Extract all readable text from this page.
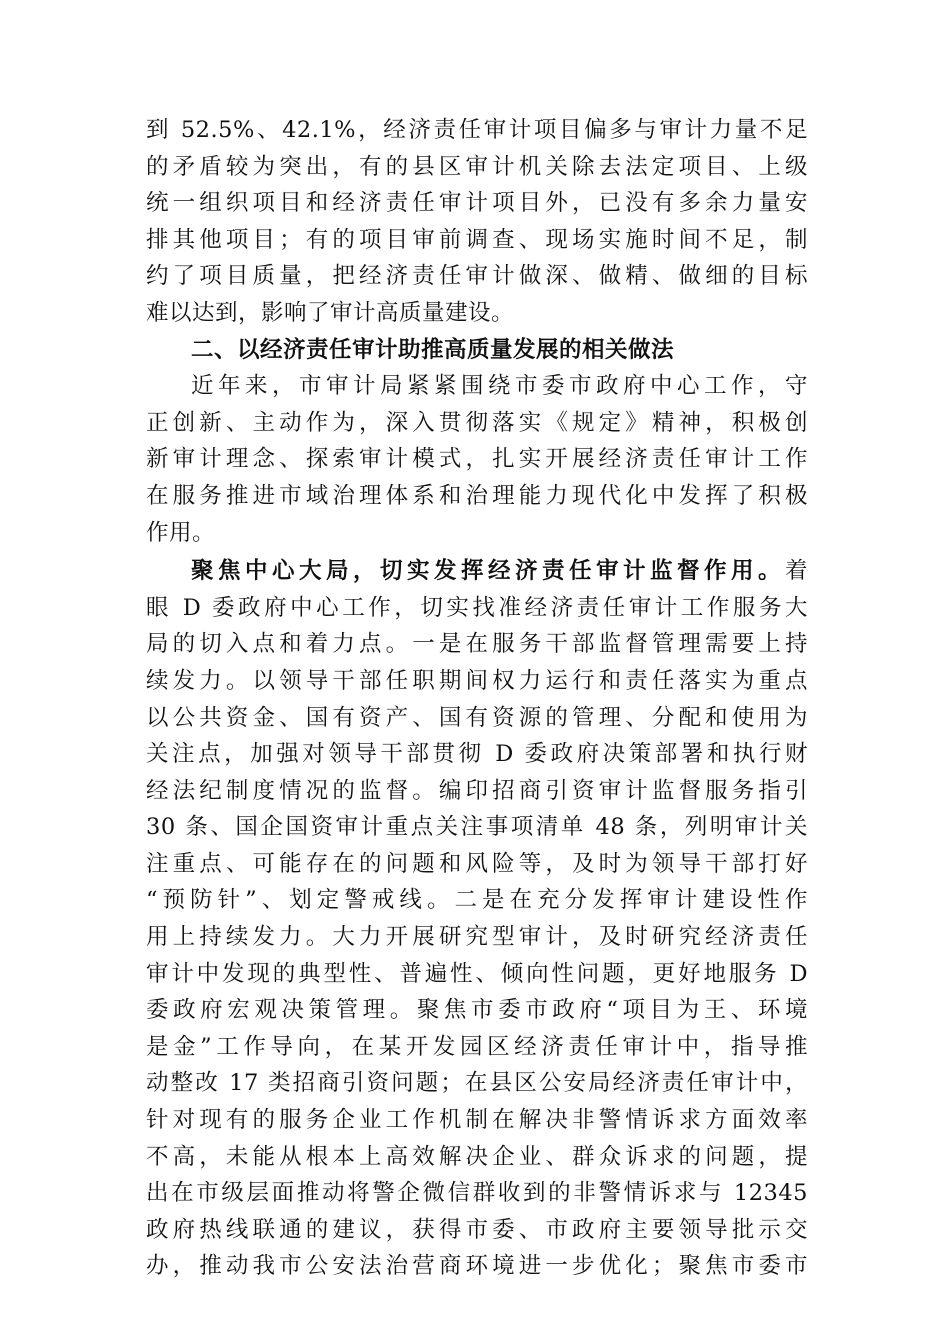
到 52.5%、42.1%，经济责任审计项目偏多与审计力量不足
的矛盾较为突出，有的县区审计机关除去法定项目、上级
统一组织项目和经济责任审计项目外，已没有多余力量安
排其他项目；有的项目审前调查、现场实施时间不足，制
约了项目质量，把经济责任审计做深、做精、做细的目标
难以达到，影响了审计高质量建设。
二、以经济责任审计助推高质量发展的相关做法
近年来，市审计局紧紧围绕市委市政府中心工作，守
正创新、主动作为，深入贯彻落实《规定》精神，积极创
新审计理念、探索审计模式，扎实开展经济责任审计工作
在服务推进市域治理体系和治理能力现代化中发挥了积极
作用。
聚焦中心大局，切实发挥经济责任审计监督作用。着
眼 D 委政府中心工作，切实找准经济责任审计工作服务大
局的切入点和着力点。一是在服务干部监督管理需要上持
续发力。以领导干部任职期间权力运行和责任落实为重点
以公共资金、国有资产、国有资源的管理、分配和使用为
关注点，加强对领导干部贯彻 D 委政府决策部署和执行财
经法纪制度情况的监督。编印招商引资审计监督服务指引
30 条、国企国资审计重点关注事项清单 48 条，列明审计关
注重点、可能存在的问题和风险等，及时为领导干部打好
“预防针”、划定警戒线。二是在充分发挥审计建设性作
用上持续发力。大力开展研究型审计，及时研究经济责任
审计中发现的典型性、普遍性、倾向性问题，更好地服务 D
委政府宏观决策管理。聚焦市委市政府“项目为王、环境
是金”工作导向，在某开发园区经济责任审计中，指导推
动整改 17 类招商引资问题；在县区公安局经济责任审计中，
针对现有的服务企业工作机制在解决非警情诉求方面效率
不高，未能从根本上高效解决企业、群众诉求的问题，提
出在市级层面推动将警企微信群收到的非警情诉求与 12345
政府热线联通的建议，获得市委、市政府主要领导批示交
办，推动我市公安法治营商环境进一步优化；聚焦市委市
